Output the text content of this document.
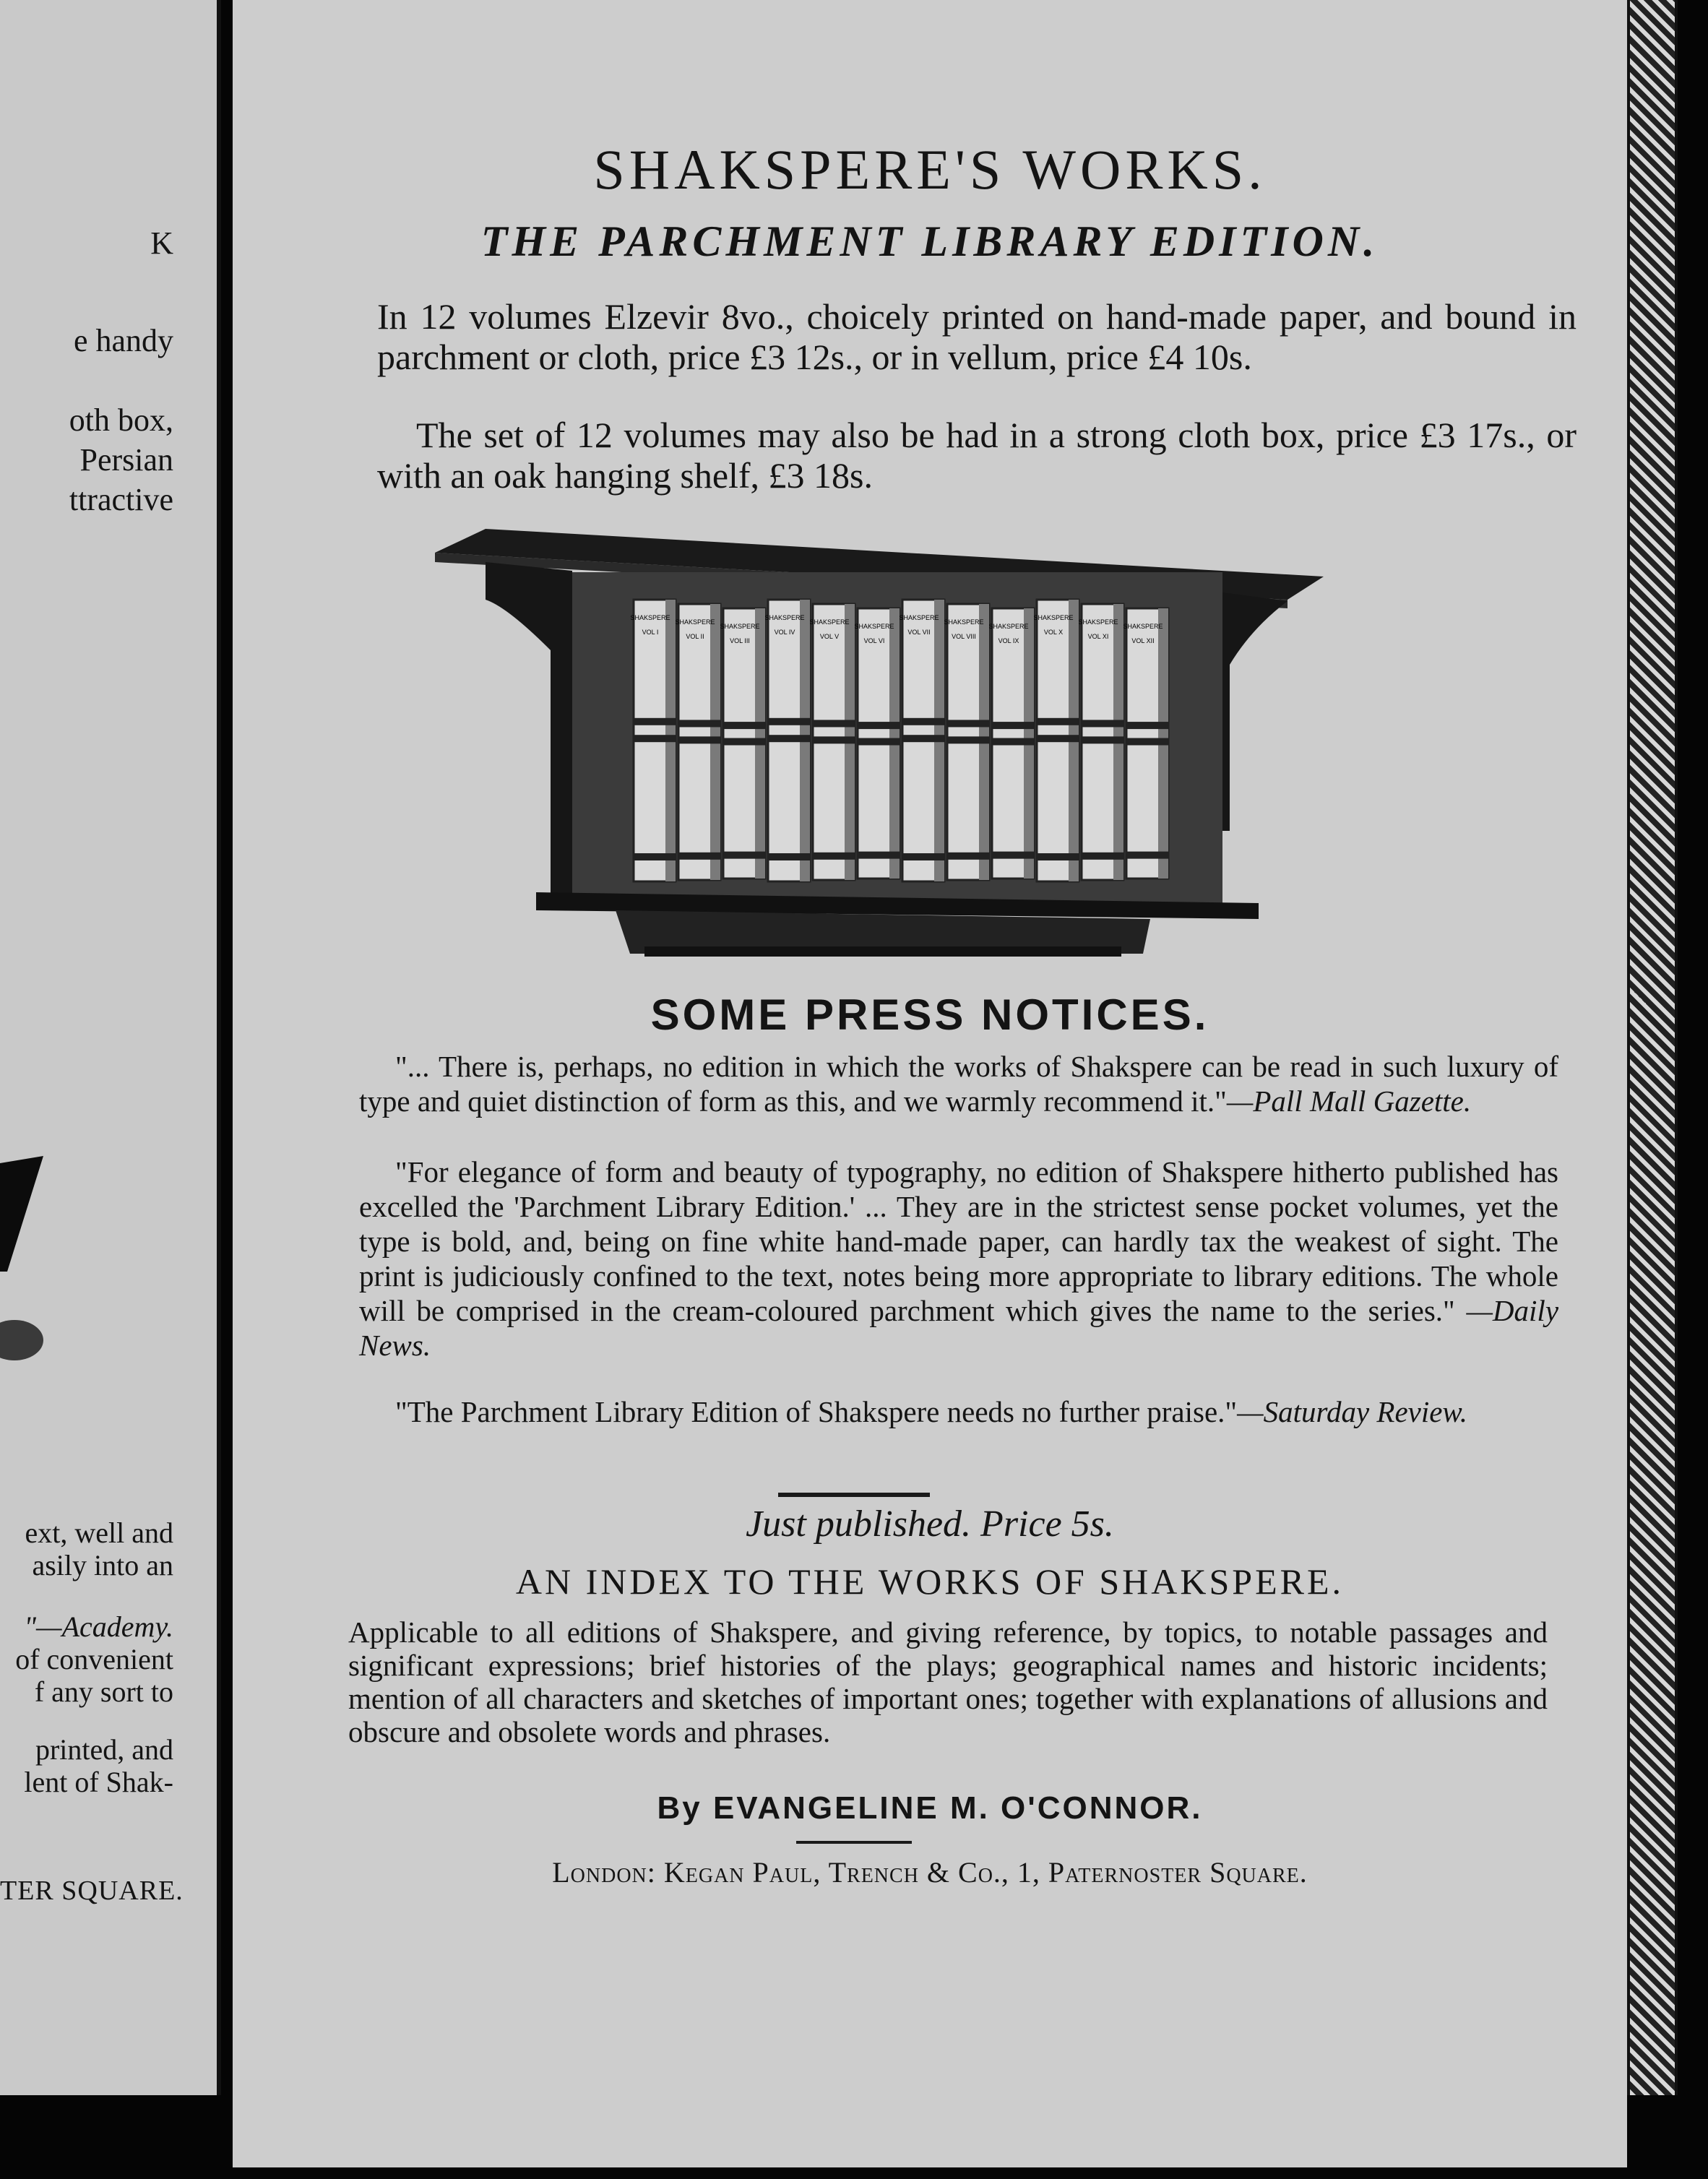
K
e handy
oth box,
Persian
ttractive
ext, well and
asily into an
"—Academy.
of convenient
f any sort to
printed, and
lent of Shak-
TER SQUARE.
SHAKSPERE'S WORKS.
THE PARCHMENT LIBRARY EDITION.
In 12 volumes Elzevir 8vo., choicely printed on hand-made paper, and bound in parchment or cloth, price £3 12s., or in vellum, price £4 10s.
The set of 12 volumes may also be had in a strong cloth box, price £3 17s., or with an oak hanging shelf, £3 18s.
SHAKSPERE
VOL I
SHAKSPERE
VOL II
SHAKSPERE
VOL III
SHAKSPERE
VOL IV
SHAKSPERE
VOL V
SHAKSPERE
VOL VI
SHAKSPERE
VOL VII
SHAKSPERE
VOL VIII
SHAKSPERE
VOL IX
SHAKSPERE
VOL X
SHAKSPERE
VOL XI
SHAKSPERE
VOL XII
SOME PRESS NOTICES.
"... There is, perhaps, no edition in which the works of Shakspere can be read in such luxury of type and quiet distinction of form as this, and we warmly recommend it."—Pall Mall Gazette.
"For elegance of form and beauty of typography, no edition of Shakspere hitherto published has excelled the 'Parchment Library Edition.' ... They are in the strictest sense pocket volumes, yet the type is bold, and, being on fine white hand-made paper, can hardly tax the weakest of sight. The print is judiciously confined to the text, notes being more appropriate to library editions. The whole will be comprised in the cream-coloured parchment which gives the name to the series." —Daily News.
"The Parchment Library Edition of Shakspere needs no further praise."—Saturday Review.
Just published. Price 5s.
AN INDEX TO THE WORKS OF SHAKSPERE.
Applicable to all editions of Shakspere, and giving reference, by topics, to notable passages and significant expressions; brief histories of the plays; geographical names and historic incidents; mention of all characters and sketches of important ones; together with explanations of allusions and obscure and obsolete words and phrases.
By EVANGELINE M. O'CONNOR.
London: Kegan Paul, Trench & Co., 1, Paternoster Square.
